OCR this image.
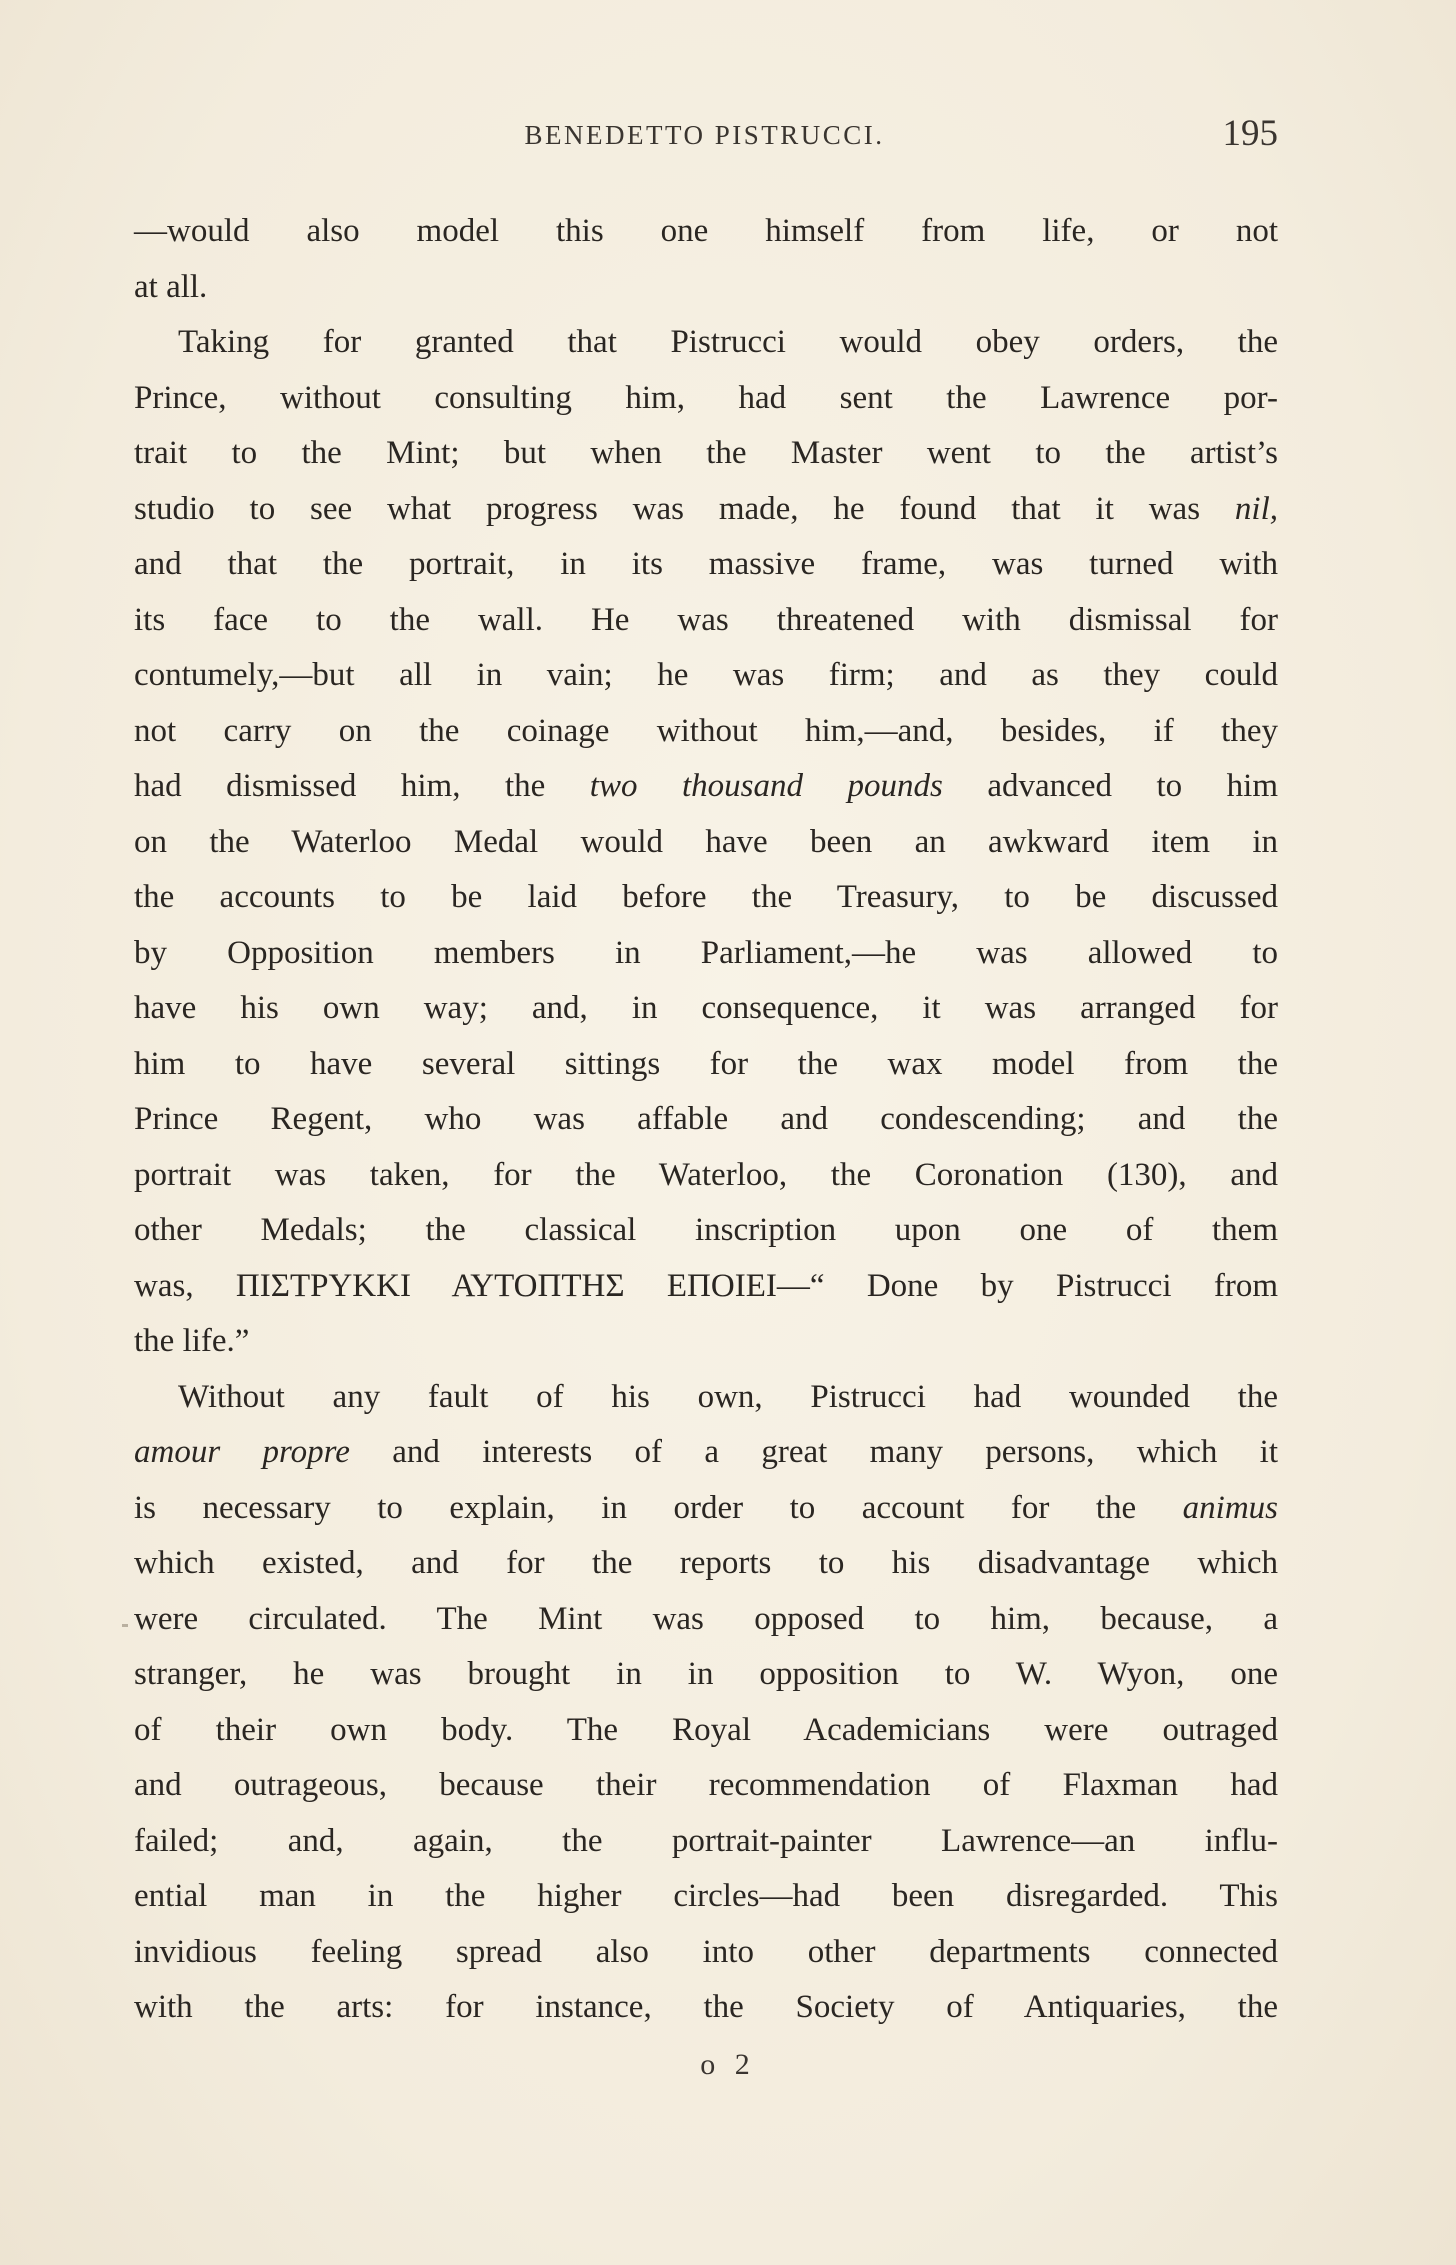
BENEDETTO PISTRUCCI.	195
—would also model this one himself from life, or not
at all.
Taking for granted that Pistrucci would obey orders, the
Prince, without consulting him, had sent the Lawrence por-
trait to the Mint; but when the Master went to the artist’s
studio to see what progress was made, he found that it was nil,
and that the portrait, in its massive frame, was turned with
its face to the wall. He was threatened with dismissal for
contumely,—but all in vain; he was firm; and as they could
not carry on the coinage without him,—and, besides, if they
had dismissed him, the two thousand pounds advanced to him
on the Waterloo Medal would have been an awkward item in
the accounts to be laid before the Treasury, to be discussed
by Opposition members in Parliament,—he was allowed to
have his own way; and, in consequence, it was arranged for
him to have several sittings for the wax model from the
Prince Regent, who was affable and condescending; and the
portrait was taken, for the Waterloo, the Coronation (130), and
other Medals; the classical inscription upon one of them
was, ΠΙΣΤΡΥΚΚΙ ΑΥΤΟΠΤΗΣ ΕΠΟΙΕΙ—“ Done by Pistrucci from
the life.”
Without any fault of his own, Pistrucci had wounded the
amour propre and interests of a great many persons, which it
is necessary to explain, in order to account for the animus
which existed, and for the reports to his disadvantage which
were circulated. The Mint was opposed to him, because, a
stranger, he was brought in in opposition to W. Wyon, one
of their own body. The Royal Academicians were outraged
and outrageous, because their recommendation of Flaxman had
failed; and, again, the portrait-painter Lawrence—an influ-
ential man in the higher circles—had been disregarded. This
invidious feeling spread also into other departments connected
with the arts: for instance, the Society of Antiquaries, the
o 2
